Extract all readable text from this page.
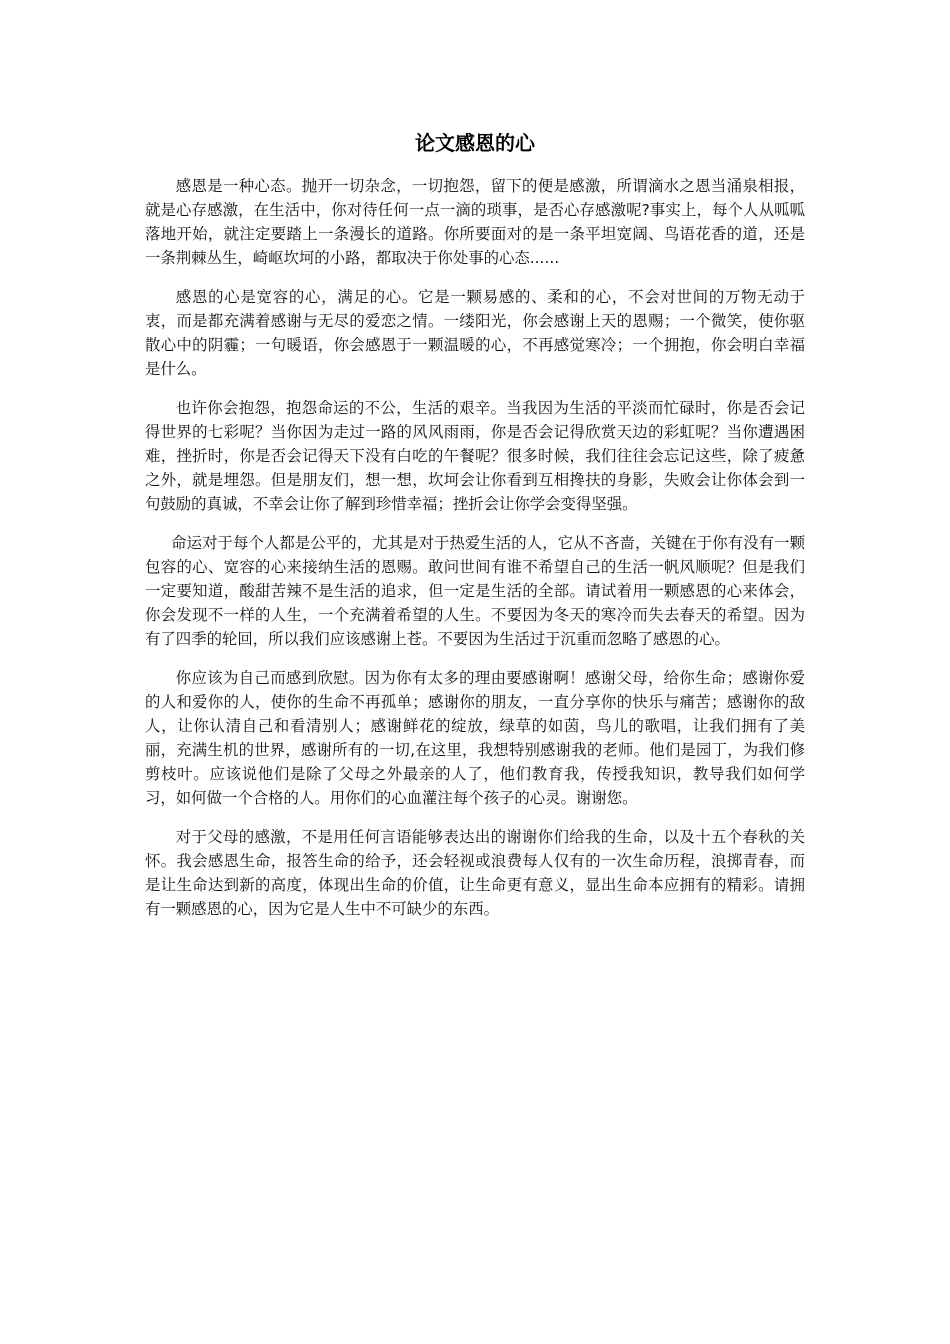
论文感恩的心

感恩是一种心态。抛开一切杂念，一切抱怨，留下的便是感激，所谓滴水之恩当涌泉相报，就是心存感激，在生活中，你对待任何一点一滴的琐事，是否心存感激呢?事实上，每个人从呱呱落地开始，就注定要踏上一条漫长的道路。你所要面对的是一条平坦宽阔、鸟语花香的道，还是一条荆棘丛生，崎岖坎坷的小路，都取决于你处事的心态......

感恩的心是宽容的心，满足的心。它是一颗易感的、柔和的心，不会对世间的万物无动于衷，而是都充满着感谢与无尽的爱恋之情。一缕阳光，你会感谢上天的恩赐；一个微笑，使你驱散心中的阴霾；一句暖语，你会感恩于一颗温暖的心，不再感觉寒冷；一个拥抱，你会明白幸福是什么。

也许你会抱怨，抱怨命运的不公，生活的艰辛。当我因为生活的平淡而忙碌时，你是否会记得世界的七彩呢？当你因为走过一路的风风雨雨，你是否会记得欣赏天边的彩虹呢？当你遭遇困难，挫折时，你是否会记得天下没有白吃的午餐呢？很多时候，我们往往会忘记这些，除了疲惫之外，就是埋怨。但是朋友们，想一想，坎坷会让你看到互相搀扶的身影，失败会让你体会到一句鼓励的真诚，不幸会让你了解到珍惜幸福；挫折会让你学会变得坚强。

命运对于每个人都是公平的，尤其是对于热爱生活的人，它从不吝啬，关键在于你有没有一颗包容的心、宽容的心来接纳生活的恩赐。敢问世间有谁不希望自己的生活一帆风顺呢？但是我们一定要知道，酸甜苦辣不是生活的追求，但一定是生活的全部。请试着用一颗感恩的心来体会，你会发现不一样的人生，一个充满着希望的人生。不要因为冬天的寒冷而失去春天的希望。因为有了四季的轮回，所以我们应该感谢上苍。不要因为生活过于沉重而忽略了感恩的心。

你应该为自己而感到欣慰。因为你有太多的理由要感谢啊！感谢父母，给你生命；感谢你爱的人和爱你的人，使你的生命不再孤单；感谢你的朋友，一直分享你的快乐与痛苦；感谢你的敌人，让你认清自己和看清别人；感谢鲜花的绽放，绿草的如茵，鸟儿的歌唱，让我们拥有了美丽，充满生机的世界，感谢所有的一切,在这里，我想特别感谢我的老师。他们是园丁，为我们修剪枝叶。应该说他们是除了父母之外最亲的人了，他们教育我，传授我知识，教导我们如何学习，如何做一个合格的人。用你们的心血灌注每个孩子的心灵。谢谢您。

对于父母的感激，不是用任何言语能够表达出的谢谢你们给我的生命，以及十五个春秋的关怀。我会感恩生命，报答生命的给予，还会轻视或浪费每人仅有的一次生命历程，浪掷青春，而是让生命达到新的高度，体现出生命的价值，让生命更有意义，显出生命本应拥有的精彩。请拥有一颗感恩的心，因为它是人生中不可缺少的东西。
